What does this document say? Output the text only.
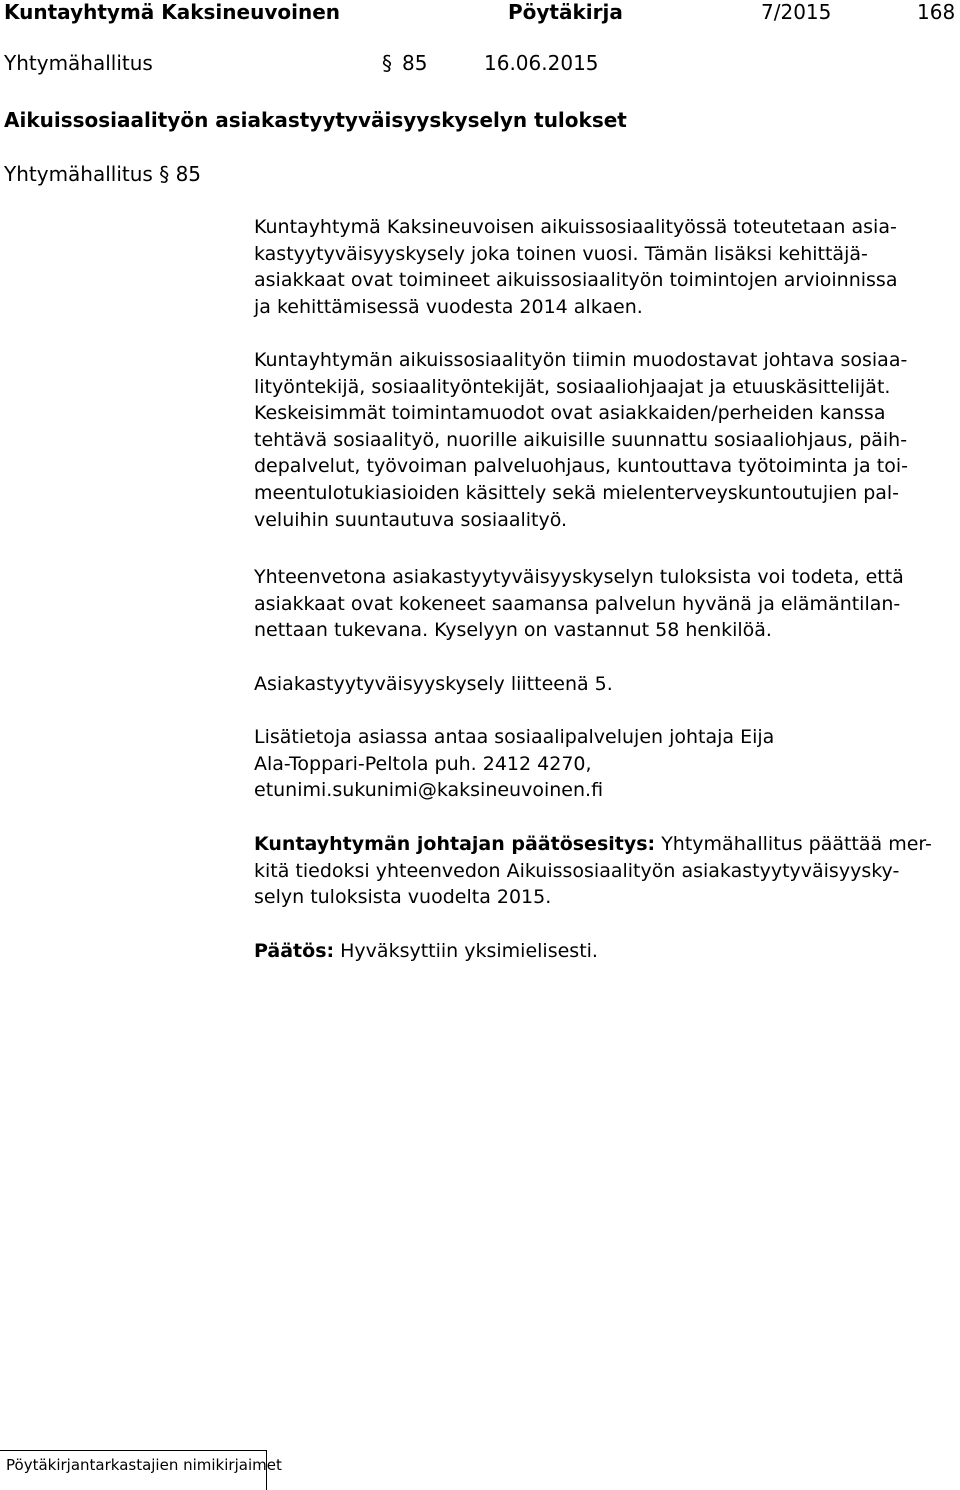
Kuntayhtymä Kaksineuvoinen	Pöytäkirja	7/2015	168
Yhtymähallitus	§ 85	16.06.2015
Aikuissosiaalityön asiakastyytyväisyyskyselyn tulokset
Yhtymähallitus § 85
Kuntayhtymä Kaksineuvoisen aikuissosiaalityössä toteutetaan asia-
kastyytyväisyyskysely joka toinen vuosi. Tämän lisäksi kehittäjä-
asiakkaat ovat toimineet aikuissosiaalityön toimintojen arvioinnissa
ja kehittämisessä vuodesta 2014 alkaen.
Kuntayhtymän aikuissosiaalityön tiimin muodostavat johtava sosiaa-
lityöntekijä, sosiaalityöntekijät, sosiaaliohjaajat ja etuuskäsittelijät.
Keskeisimmät toimintamuodot ovat asiakkaiden/perheiden kanssa
tehtävä sosiaalityö, nuorille aikuisille suunnattu sosiaaliohjaus, päih-
depalvelut, työvoiman palveluohjaus, kuntouttava työtoiminta ja toi-
meentulotukiasioiden käsittely sekä mielenterveyskuntoutujien pal-
veluihin suuntautuva sosiaalityö.
Yhteenvetona asiakastyytyväisyyskyselyn tuloksista voi todeta, että
asiakkaat ovat kokeneet saamansa palvelun hyvänä ja elämäntilan-
nettaan tukevana. Kyselyyn on vastannut 58 henkilöä.
Asiakastyytyväisyyskysely liitteenä 5.
Lisätietoja asiassa antaa sosiaalipalvelujen johtaja Eija
Ala-Toppari-Peltola puh. 2412 4270,
etunimi.sukunimi@kaksineuvoinen.fi
Kuntayhtymän johtajan päätösesitys: Yhtymähallitus päättää mer-
kitä tiedoksi yhteenvedon Aikuissosiaalityön asiakastyytyväisyysky-
selyn tuloksista vuodelta 2015.
Päätös: Hyväksyttiin yksimielisesti.
Pöytäkirjantarkastajien nimikirjaimet
